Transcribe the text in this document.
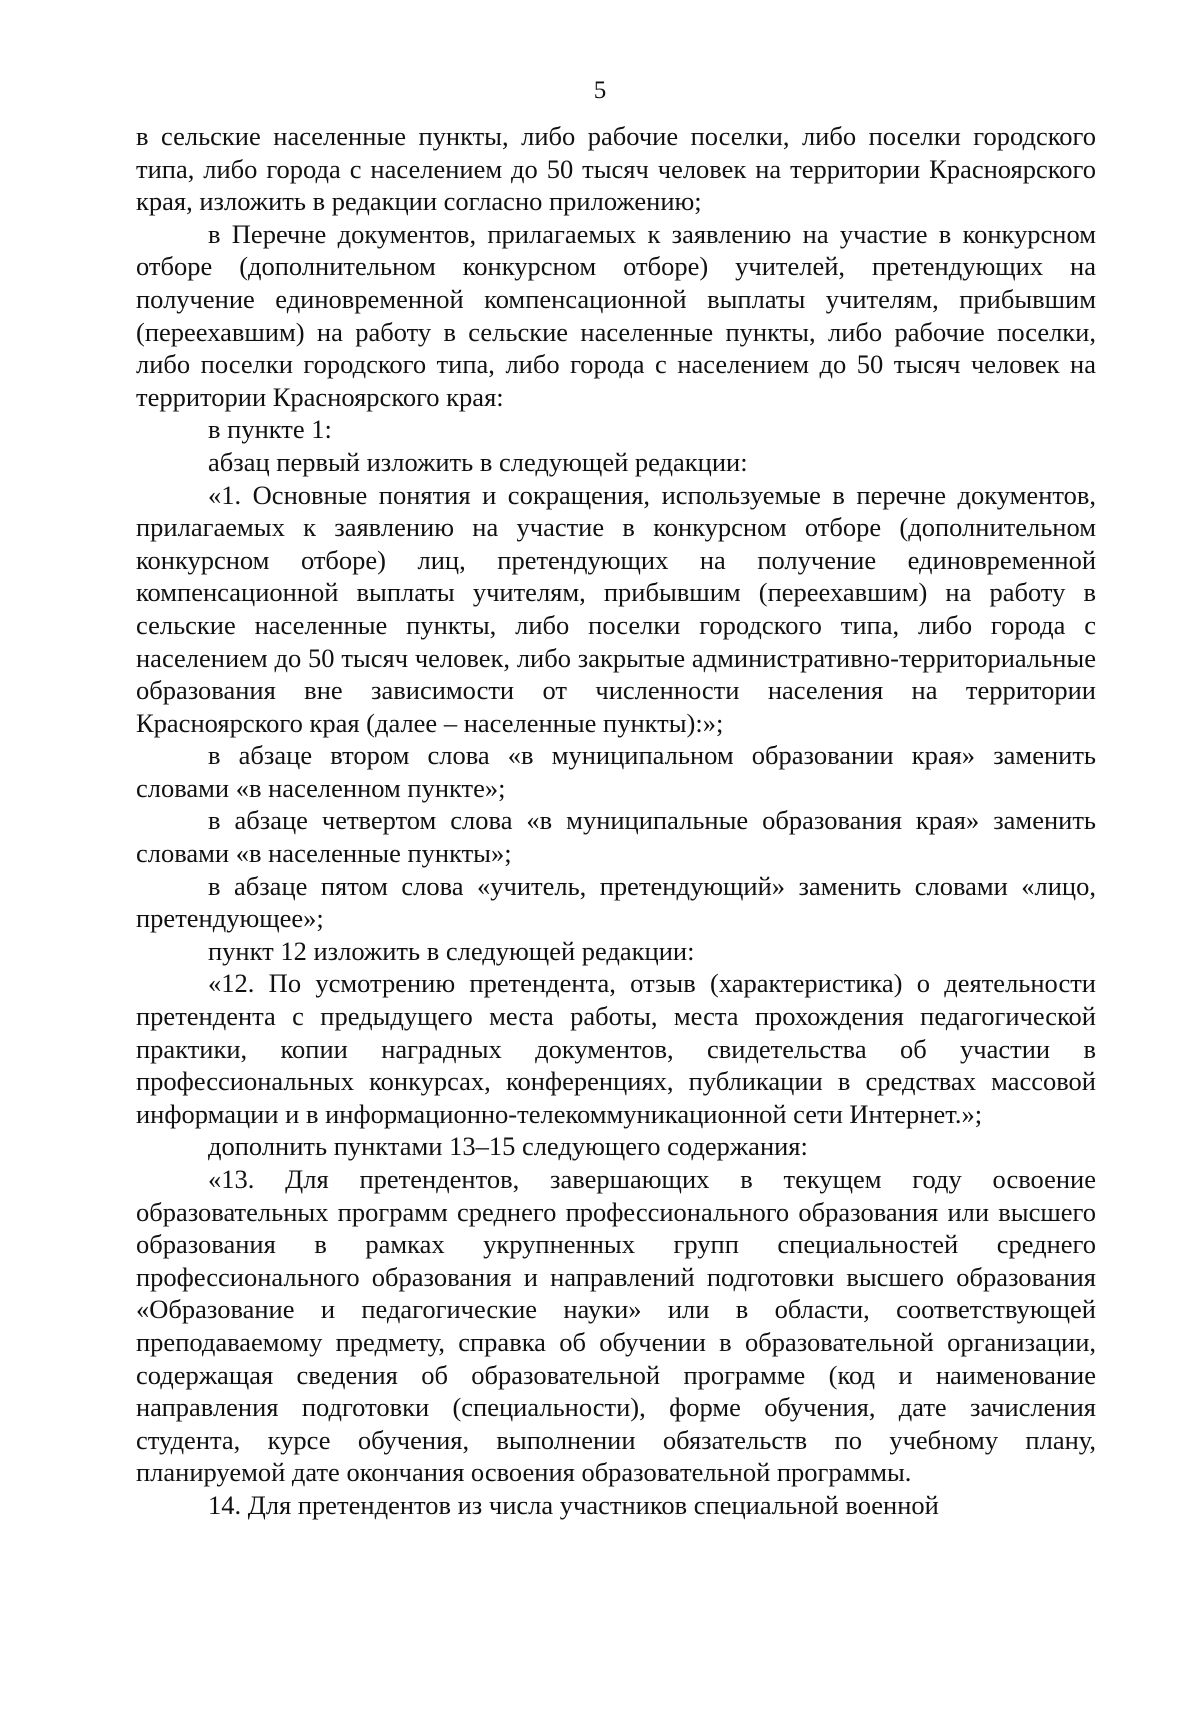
5

в сельские населенные пункты, либо рабочие поселки, либо поселки городского типа, либо города с населением до 50 тысяч человек на территории Красноярского края, изложить в редакции согласно приложению;

в Перечне документов, прилагаемых к заявлению на участие в конкурсном отборе (дополнительном конкурсном отборе) учителей, претендующих на получение единовременной компенсационной выплаты учителям, прибывшим (переехавшим) на работу в сельские населенные пункты, либо рабочие поселки, либо поселки городского типа, либо города с населением до 50 тысяч человек на территории Красноярского края:

в пункте 1:

абзац первый изложить в следующей редакции:

«1. Основные понятия и сокращения, используемые в перечне документов, прилагаемых к заявлению на участие в конкурсном отборе (дополнительном конкурсном отборе) лиц, претендующих на получение единовременной компенсационной выплаты учителям, прибывшим (переехавшим) на работу в сельские населенные пункты, либо поселки городского типа, либо города с населением до 50 тысяч человек, либо закрытые административно-территориальные образования вне зависимости от численности населения на территории Красноярского края (далее – населенные пункты):»;

в абзаце втором слова «в муниципальном образовании края» заменить словами «в населенном пункте»;

в абзаце четвертом слова «в муниципальные образования края» заменить словами «в населенные пункты»;

в абзаце пятом слова «учитель, претендующий» заменить словами «лицо, претендующее»;

пункт 12 изложить в следующей редакции:

«12. По усмотрению претендента, отзыв (характеристика) о деятельности претендента с предыдущего места работы, места прохождения педагогической практики, копии наградных документов, свидетельства об участии в профессиональных конкурсах, конференциях, публикации в средствах массовой информации и в информационно-телекоммуникационной сети Интернет.»;

дополнить пунктами 13–15 следующего содержания:

«13. Для претендентов, завершающих в текущем году освоение образовательных программ среднего профессионального образования или высшего образования в рамках укрупненных групп специальностей среднего профессионального образования и направлений подготовки высшего образования «Образование и педагогические науки» или в области, соответствующей преподаваемому предмету, справка об обучении в образовательной организации, содержащая сведения об образовательной программе (код и наименование направления подготовки (специальности), форме обучения, дате зачисления студента, курсе обучения, выполнении обязательств по учебному плану, планируемой дате окончания освоения образовательной программы.

14. Для претендентов из числа участников специальной военной
